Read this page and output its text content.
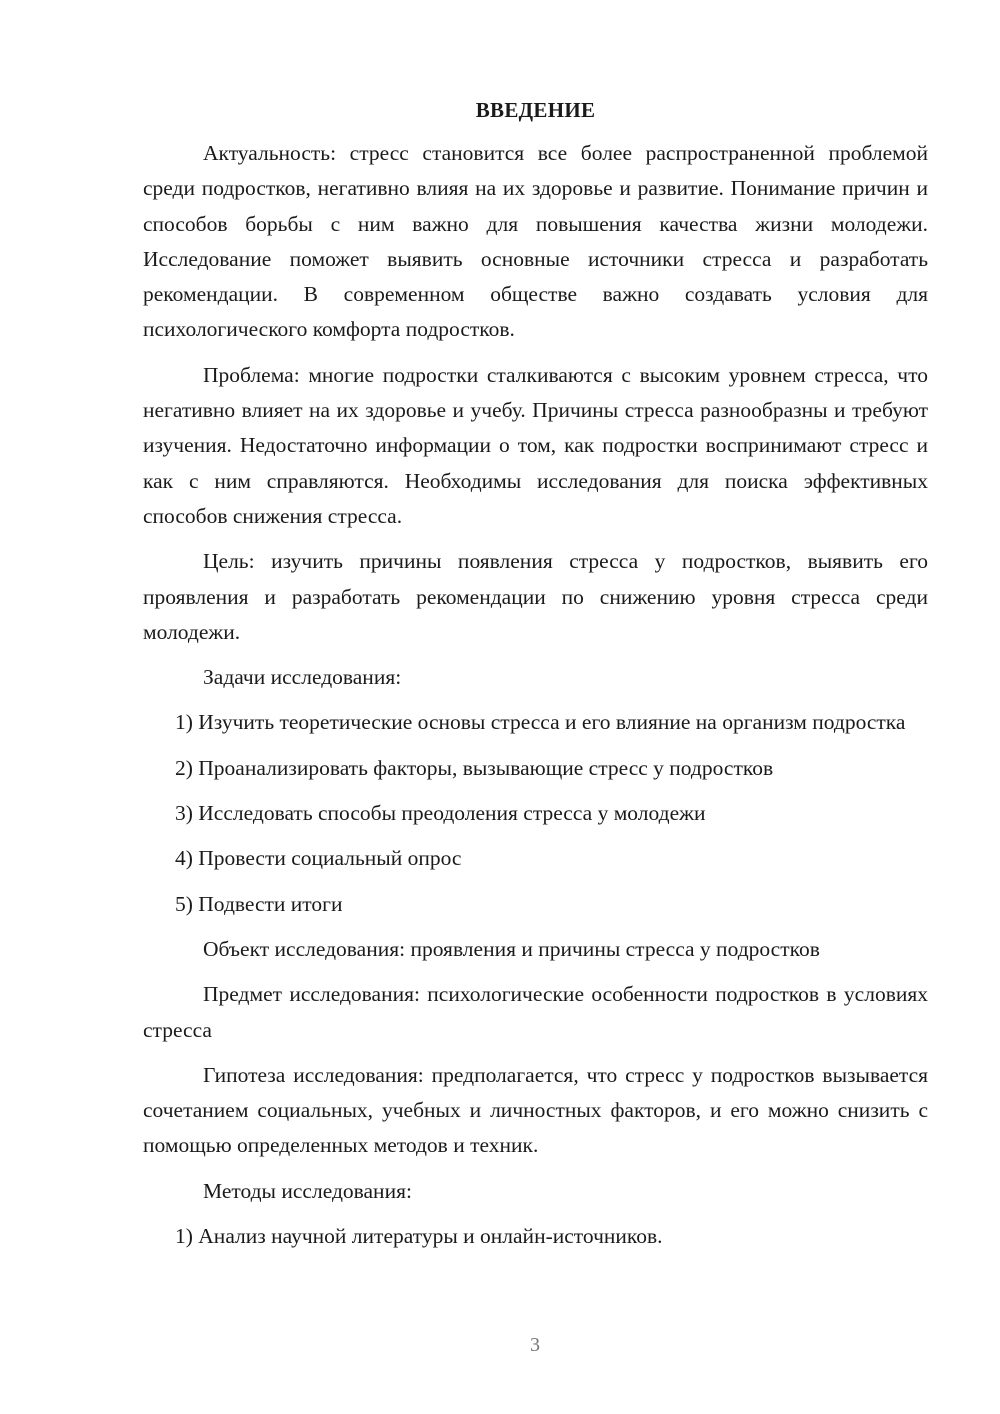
ВВЕДЕНИЕ

Актуальность: стресс становится все более распространенной проблемой среди подростков, негативно влияя на их здоровье и развитие. Понимание причин и способов борьбы с ним важно для повышения качества жизни молодежи. Исследование поможет выявить основные источники стресса и разработать рекомендации. В современном обществе важно создавать условия для психологического комфорта подростков.

Проблема: многие подростки сталкиваются с высоким уровнем стресса, что негативно влияет на их здоровье и учебу. Причины стресса разнообразны и требуют изучения. Недостаточно информации о том, как подростки воспринимают стресс и как с ним справляются. Необходимы исследования для поиска эффективных способов снижения стресса.

Цель: изучить причины появления стресса у подростков, выявить его проявления и разработать рекомендации по снижению уровня стресса среди молодежи.

Задачи исследования:

1) Изучить теоретические основы стресса и его влияние на организм подростка

2) Проанализировать факторы, вызывающие стресс у подростков

3) Исследовать способы преодоления стресса у молодежи

4) Провести социальный опрос

5) Подвести итоги

Объект исследования: проявления и причины стресса у подростков

Предмет исследования: психологические особенности подростков в условиях стресса

Гипотеза исследования: предполагается, что стресс у подростков вызывается сочетанием социальных, учебных и личностных факторов, и его можно снизить с помощью определенных методов и техник.

Методы исследования:

1) Анализ научной литературы и онлайн-источников.

3
